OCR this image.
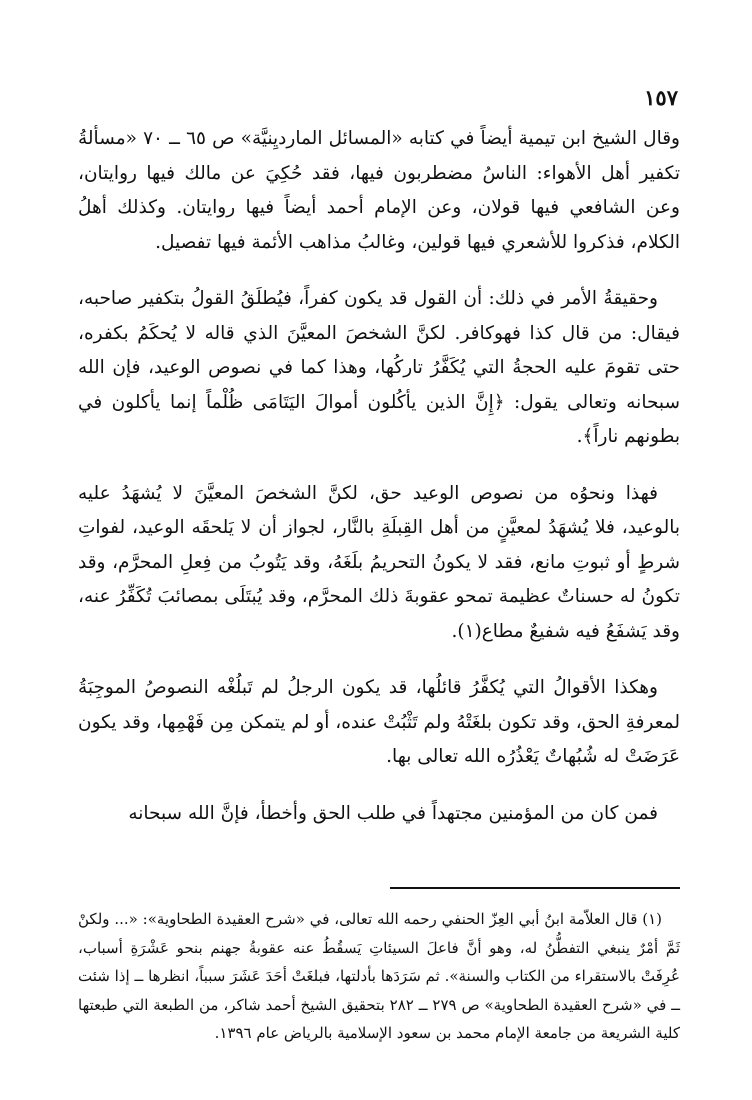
١٥٧

وقال الشيخ ابن تيمية أيضاً في كتابه «المسائل المارديِنيَّة» ص ٦٥ ــ ٧٠ «مسألةُ تكفير أهل الأهواء: الناسُ مضطربون فيها، فقد حُكِيَ عن مالك فيها روايتان، وعن الشافعي فيها قولان، وعن الإمام أحمد أيضاً فيها روايتان. وكذلك أهلُ الكلام، فذكروا للأشعري فيها قولين، وغالبُ مذاهب الأئمة فيها تفصيل.

وحقيقةُ الأمر في ذلك: أن القول قد يكون كفراً، فيُطلَقُ القولُ بتكفير صاحبه، فيقال: من قال كذا فهوكافر. لكنَّ الشخصَ المعيَّنَ الذي قاله لا يُحكَمُ بكفره، حتى تقومَ عليه الحجةُ التي يُكَفَّرُ تاركُها، وهذا كما في نصوص الوعيد، فإن الله سبحانه وتعالى يقول: ﴿إِنَّ الذين يأكُلون أموالَ اليَتَامَى ظُلْماً إنما يأكلون في بطونهم ناراً﴾.

فهذا ونحوُه من نصوص الوعيد حق، لكنَّ الشخصَ المعيَّنَ لا يُشهَدُ عليه بالوعيد، فلا يُشهَدُ لمعيَّنٍ من أهل القِبلَةِ بالنَّار، لجواز أن لا يَلحقَه الوعيد، لفواتِ شرطٍ أو ثبوتِ مانع، فقد لا يكونُ التحريمُ بلَغَهُ، وقد يَتُوبُ من فِعلِ المحرَّم، وقد تكونُ له حسناتٌ عظيمة تمحو عقوبةَ ذلك المحرَّم، وقد يُبتَلَى بمصائبَ تُكَفِّرُ عنه، وقد يَشفَعُ فيه شفيعٌ مطاع(١).

وهكذا الأقوالُ التي يُكفَّرُ قائلُها، قد يكون الرجلُ لم تَبلُغْه النصوصُ الموجِبَةُ لمعرفةِ الحق، وقد تكون بلغَتْهُ ولم تَثْبُتْ عنده، أو لم يتمكن مِن فَهْمِها، وقد يكون عَرَضَتْ له شُبُهاتٌ يَعْذُرُه الله تعالى بها.

فمن كان من المؤمنين مجتهداً في طلب الحق وأخطأ، فإنَّ الله سبحانه

(١) قال العلاّمة ابنُ أبي العِزّ الحنفي رحمه الله تعالى، في «شرح العقيدة الطحاوية»: «... ولكنْ ثَمَّ أمْرٌ ينبغي التفطُّنُ له، وهو أنَّ فاعلَ السيئاتِ يَسقُطُ عنه عقوبةُ جهنم بنحو عَشْرَةِ أسباب، عُرِفَتْ بالاستقراء من الكتاب والسنة». ثم سَرَدَها بأدلتها، فبلغَتْ أحَدَ عَشَرَ سبباً، انظرها ــ إذا شئت ــ في «شرح العقيدة الطحاوية» ص ٢٧٩ ــ ٢٨٢ بتحقيق الشيخ أحمد شاكر، من الطبعة التي طبعتها كلية الشريعة من جامعة الإمام محمد بن سعود الإسلامية بالرياض عام ١٣٩٦.
